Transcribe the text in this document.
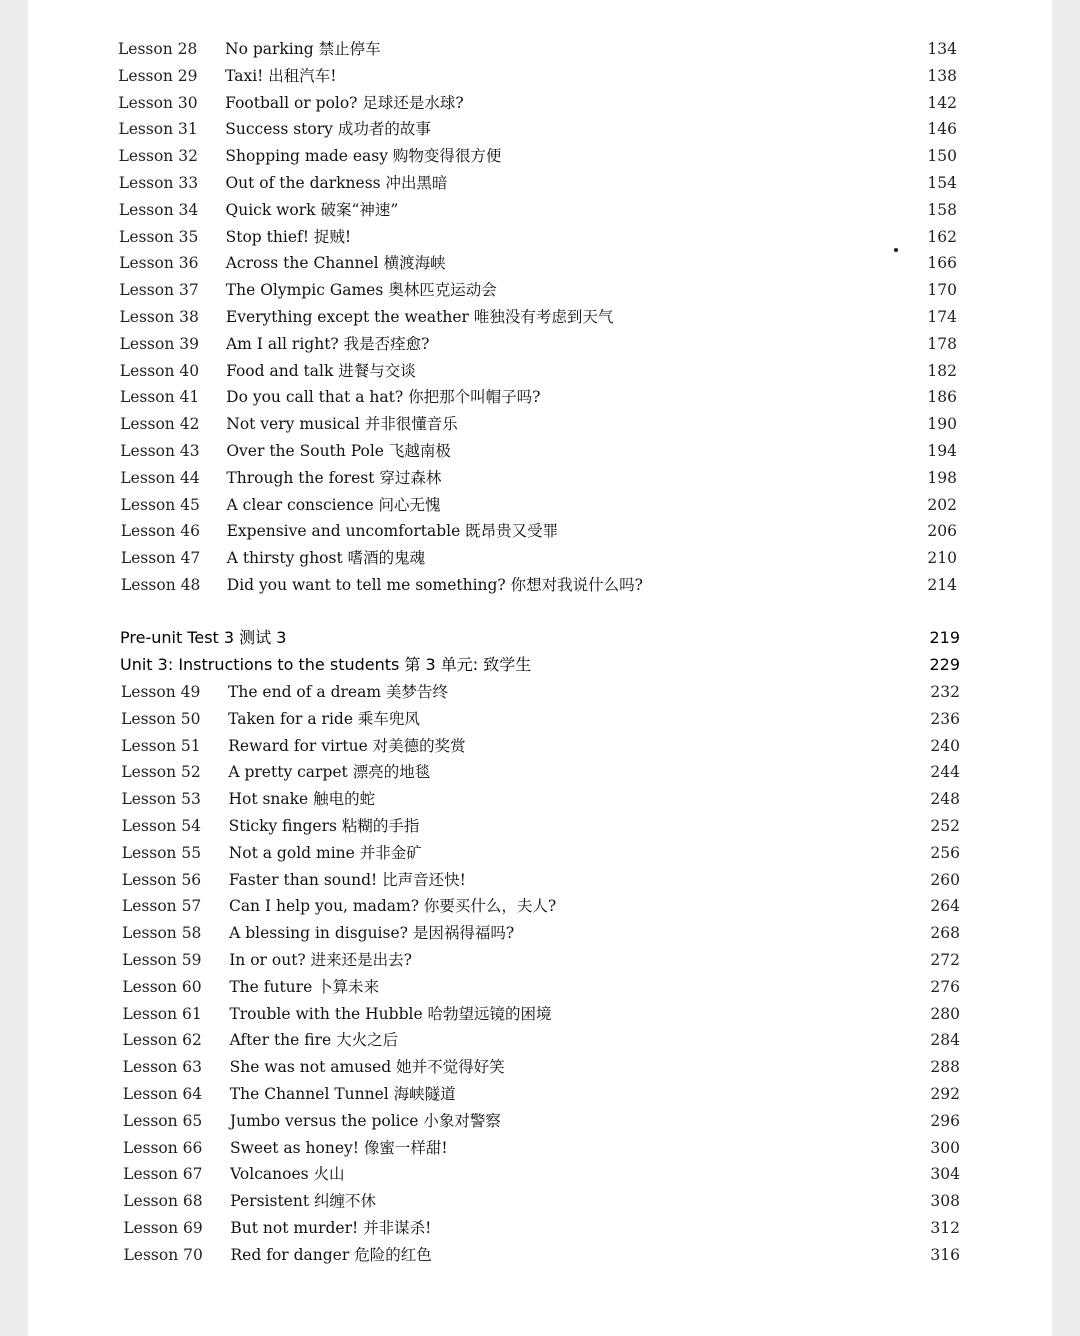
Lesson 28 No parking 禁止停车	134
Lesson 29 Taxi! 出租汽车!	138
Lesson 30 Football or polo? 足球还是水球?	142
Lesson 31 Success story 成功者的故事	146
Lesson 32 Shopping made easy 购物变得很方便	150
Lesson 33 Out of the darkness 冲出黑暗	154
Lesson 34 Quick work 破案“神速”	158
Lesson 35 Stop thief! 捉贼!	162
Lesson 36 Across the Channel 横渡海峡	166
Lesson 37 The Olympic Games 奥林匹克运动会	170
Lesson 38 Everything except the weather 唯独没有考虑到天气	174
Lesson 39 Am I all right? 我是否痊愈?	178
Lesson 40 Food and talk 进餐与交谈	182
Lesson 41 Do you call that a hat? 你把那个叫帽子吗?	186
Lesson 42 Not very musical 并非很懂音乐	190
Lesson 43 Over the South Pole 飞越南极	194
Lesson 44 Through the forest 穿过森林	198
Lesson 45 A clear conscience 问心无愧	202
Lesson 46 Expensive and uncomfortable 既昂贵又受罪	206
Lesson 47 A thirsty ghost 嗜酒的鬼魂	210
Lesson 48 Did you want to tell me something? 你想对我说什么吗?	214
Pre-unit Test 3 测试 3	219
Unit 3: Instructions to the students 第 3 单元: 致学生	229
Lesson 49 The end of a dream 美梦告终	232
Lesson 50 Taken for a ride 乘车兜风	236
Lesson 51 Reward for virtue 对美德的奖赏	240
Lesson 52 A pretty carpet 漂亮的地毯	244
Lesson 53 Hot snake 触电的蛇	248
Lesson 54 Sticky fingers 粘糊的手指	252
Lesson 55 Not a gold mine 并非金矿	256
Lesson 56 Faster than sound! 比声音还快!	260
Lesson 57 Can I help you, madam? 你要买什么，夫人?	264
Lesson 58 A blessing in disguise? 是因祸得福吗?	268
Lesson 59 In or out? 进来还是出去?	272
Lesson 60 The future 卜算未来	276
Lesson 61 Trouble with the Hubble 哈勃望远镜的困境	280
Lesson 62 After the fire 大火之后	284
Lesson 63 She was not amused 她并不觉得好笑	288
Lesson 64 The Channel Tunnel 海峡隧道	292
Lesson 65 Jumbo versus the police 小象对警察	296
Lesson 66 Sweet as honey! 像蜜一样甜!	300
Lesson 67 Volcanoes 火山	304
Lesson 68 Persistent 纠缠不休	308
Lesson 69 But not murder! 并非谋杀!	312
Lesson 70 Red for danger 危险的红色	316
